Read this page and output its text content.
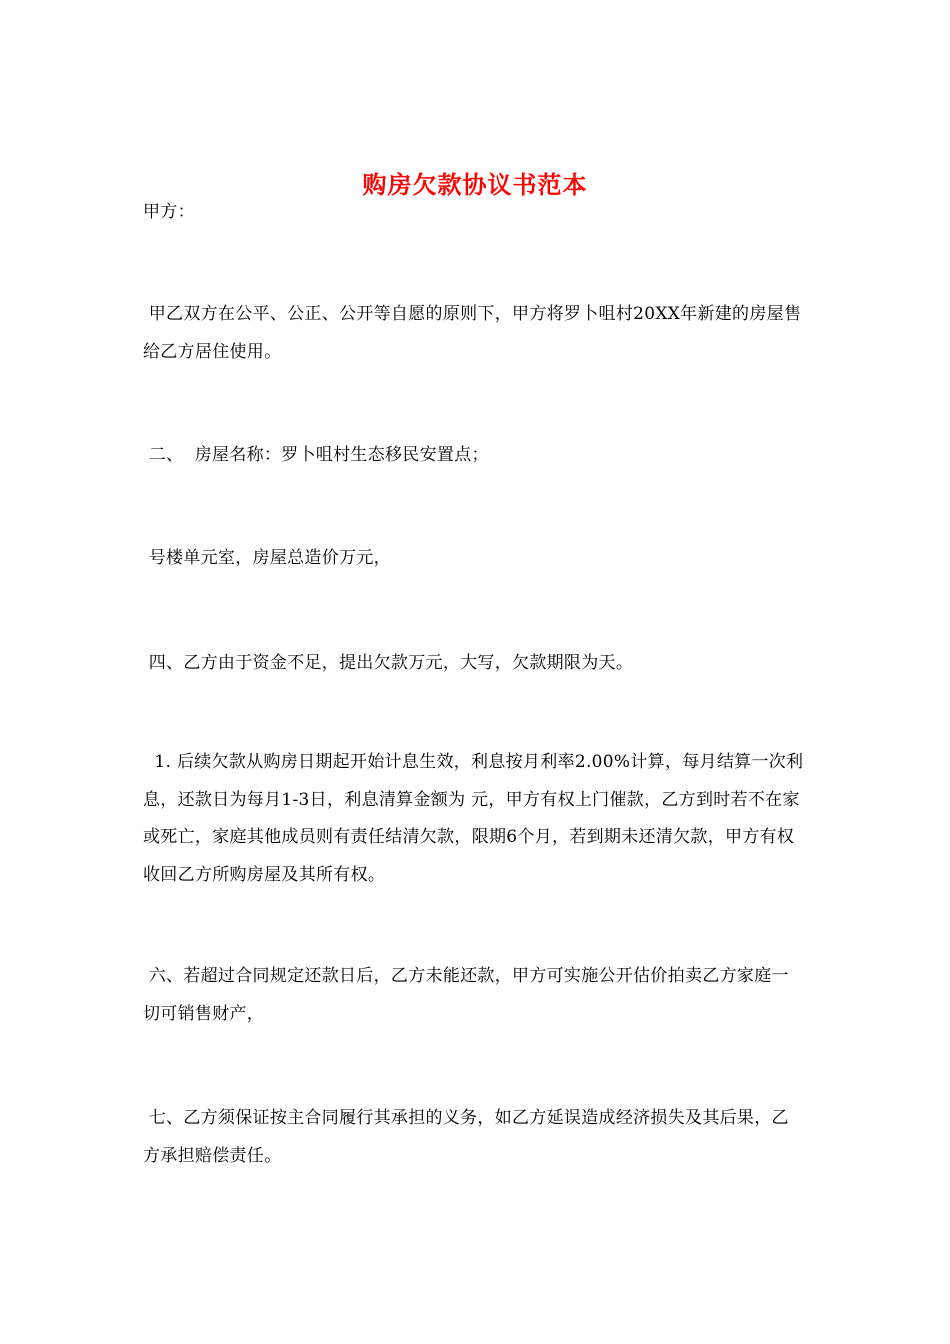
购房欠款协议书范本

甲方：

甲乙双方在公平、公正、公开等自愿的原则下，甲方将罗卜咀村20XX年新建的房屋售给乙方居住使用。

二、  房屋名称：罗卜咀村生态移民安置点；

号楼单元室，房屋总造价万元，

四、乙方由于资金不足，提出欠款万元，大写，欠款期限为天。

1. 后续欠款从购房日期起开始计息生效，利息按月利率2.00%计算，每月结算一次利息，还款日为每月1-3日，利息清算金额为 元，甲方有权上门催款，乙方到时若不在家或死亡，家庭其他成员则有责任结清欠款，限期6个月，若到期未还清欠款，甲方有权收回乙方所购房屋及其所有权。

六、若超过合同规定还款日后，乙方未能还款，甲方可实施公开估价拍卖乙方家庭一切可销售财产，

七、乙方须保证按主合同履行其承担的义务，如乙方延误造成经济损失及其后果，乙方承担赔偿责任。
